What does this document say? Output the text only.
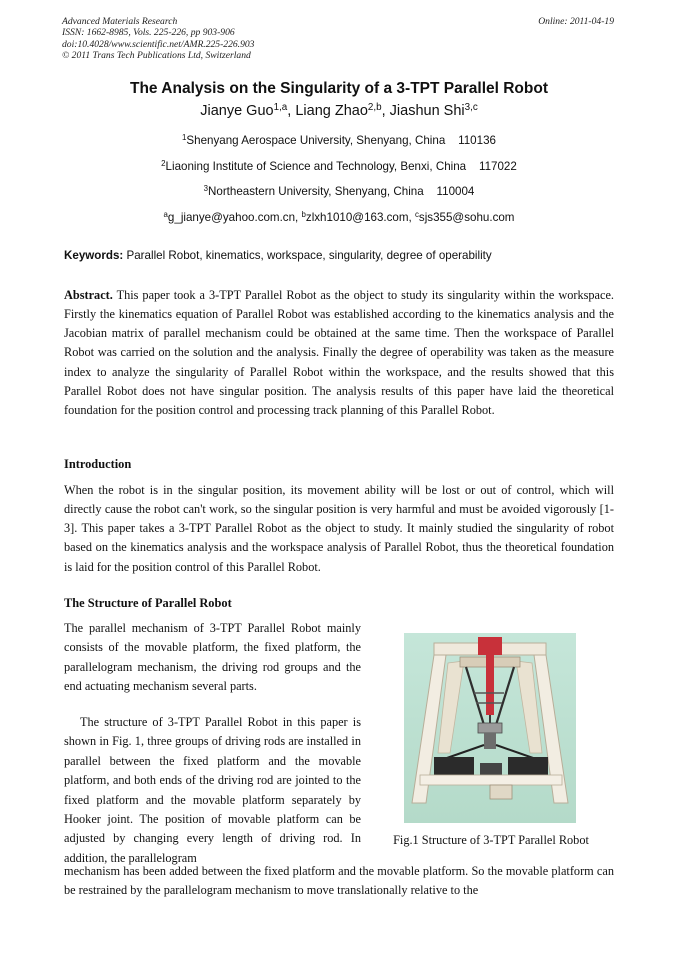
Advanced Materials Research
ISSN: 1662-8985, Vols. 225-226, pp 903-906
doi:10.4028/www.scientific.net/AMR.225-226.903
© 2011 Trans Tech Publications Ltd, Switzerland
Online: 2011-04-19
The Analysis on the Singularity of a 3-TPT Parallel Robot
Jianye Guo$^{1,a}$, Liang Zhao$^{2,b}$, Jiashun Shi$^{3,c}$
$^1$Shenyang Aerospace University, Shenyang, China    110136
$^2$Liaoning Institute of Science and Technology, Benxi, China    117022
$^3$Northeastern University, Shenyang, China    110004
$^a$g_jianye@yahoo.com.cn, $^b$zlxh1010@163.com, $^c$sjs355@sohu.com
Keywords: Parallel Robot, kinematics, workspace, singularity, degree of operability

Abstract. This paper took a 3-TPT Parallel Robot as the object to study its singularity within the workspace. Firstly the kinematics equation of Parallel Robot was established according to the kinematics analysis and the Jacobian matrix of parallel mechanism could be obtained at the same time. Then the workspace of Parallel Robot was carried on the solution and the analysis. Finally the degree of operability was taken as the measure index to analyze the singularity of Parallel Robot within the workspace, and the results showed that this Parallel Robot does not have singular position. The analysis results of this paper have laid the theoretical foundation for the position control and processing track planning of this Parallel Robot.

Introduction

When the robot is in the singular position, its movement ability will be lost or out of control, which will directly cause the robot can't work, so the singular position is very harmful and must be avoided vigorously [1-3]. This paper takes a 3-TPT Parallel Robot as the object to study. It mainly studied the singularity of robot based on the kinematics analysis and the workspace analysis of Parallel Robot, thus the theoretical foundation is laid for the position control of this Parallel Robot.

The Structure of Parallel Robot

The parallel mechanism of 3-TPT Parallel Robot mainly consists of the movable platform, the fixed platform, the parallelogram mechanism, the driving rod groups and the end actuating mechanism several parts.

The structure of 3-TPT Parallel Robot in this paper is shown in Fig. 1, three groups of driving rods are installed in parallel between the fixed platform and the movable platform, and both ends of the driving rod are jointed to the fixed platform and the movable platform separately by Hooker joint. The position of movable platform can be adjusted by changing every length of driving rod. In addition, the parallelogram

Fig.1 Structure of 3-TPT Parallel Robot

mechanism has been added between the fixed platform and the movable platform. So the movable platform can be restrained by the parallelogram mechanism to move translationally relative to the
